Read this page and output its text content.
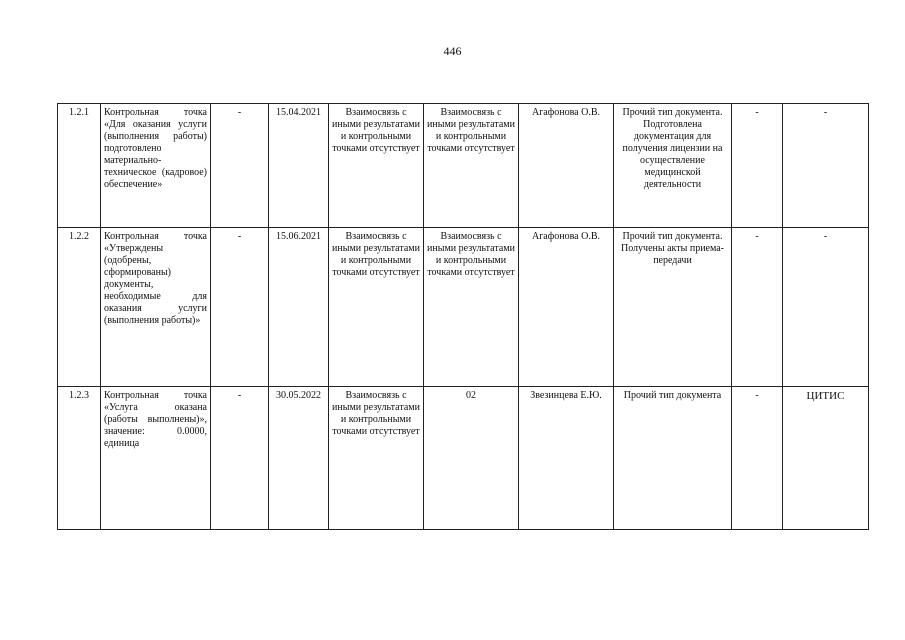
446
1.2.1	Контрольная точка «Для оказания услуги (выполнения работы) подготовлено материально-техническое (кадровое) обеспечение»	-	15.04.2021	Взаимосвязь с иными результатами и контрольными точками отсутствует	Взаимосвязь с иными результатами и контрольными точками отсутствует	Агафонова О.В.	Прочий тип документа. Подготовлена документация для получения лицензии на осуществление медицинской деятельности	-	-
1.2.2	Контрольная точка «Утверждены (одобрены, сформированы) документы, необходимые для оказания услуги (выполнения работы)»	-	15.06.2021	Взаимосвязь с иными результатами и контрольными точками отсутствует	Взаимосвязь с иными результатами и контрольными точками отсутствует	Агафонова О.В.	Прочий тип документа. Получены акты приема-передачи	-	-
1.2.3	Контрольная точка «Услуга оказана (работы выполнены)», значение: 0.0000, единица	-	30.05.2022	Взаимосвязь с иными результатами и контрольными точками отсутствует	02	Звезинцева Е.Ю.	Прочий тип документа	-	ЦИТИС
